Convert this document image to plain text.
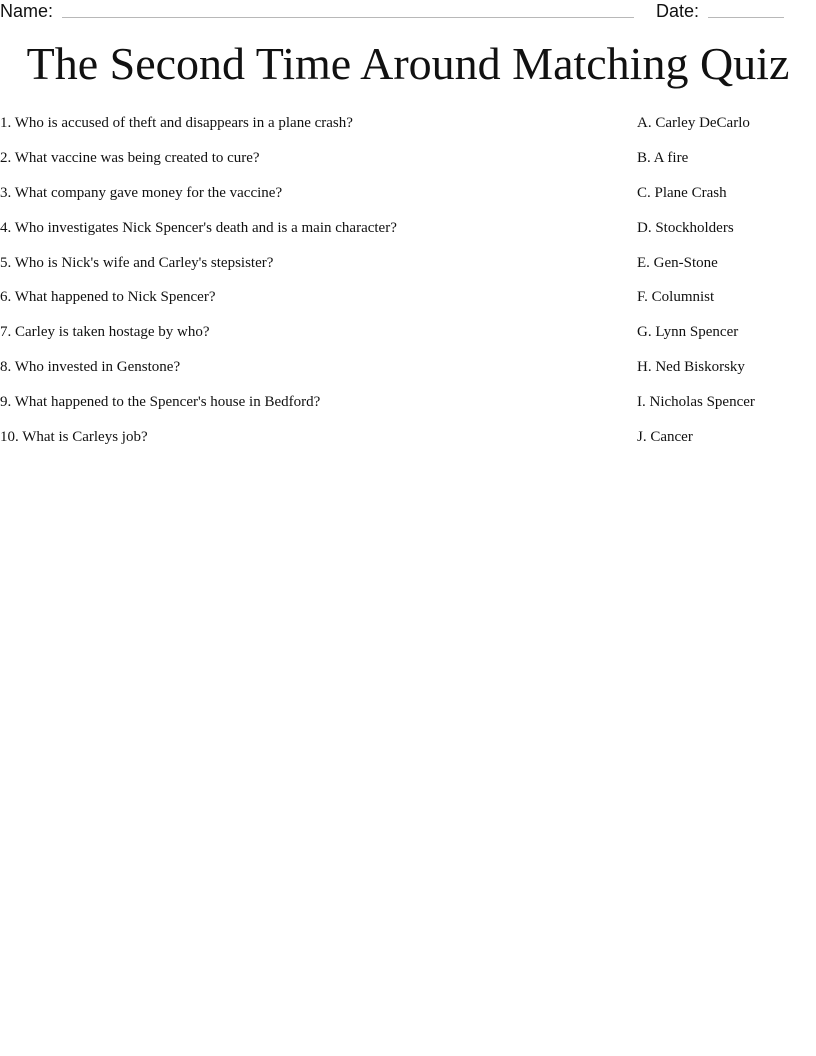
Name:	Date:
The Second Time Around Matching Quiz
1. Who is accused of theft and disappears in a plane crash?
2. What vaccine was being created to cure?
3. What company gave money for the vaccine?
4. Who investigates Nick Spencer's death and is a main character?
5. Who is Nick's wife and Carley's stepsister?
6. What happened to Nick Spencer?
7. Carley is taken hostage by who?
8. Who invested in Genstone?
9. What happened to the Spencer's house in Bedford?
10. What is Carleys job?
A. Carley DeCarlo
B. A fire
C. Plane Crash
D. Stockholders
E. Gen-Stone
F. Columnist
G. Lynn Spencer
H. Ned Biskorsky
I. Nicholas Spencer
J. Cancer
